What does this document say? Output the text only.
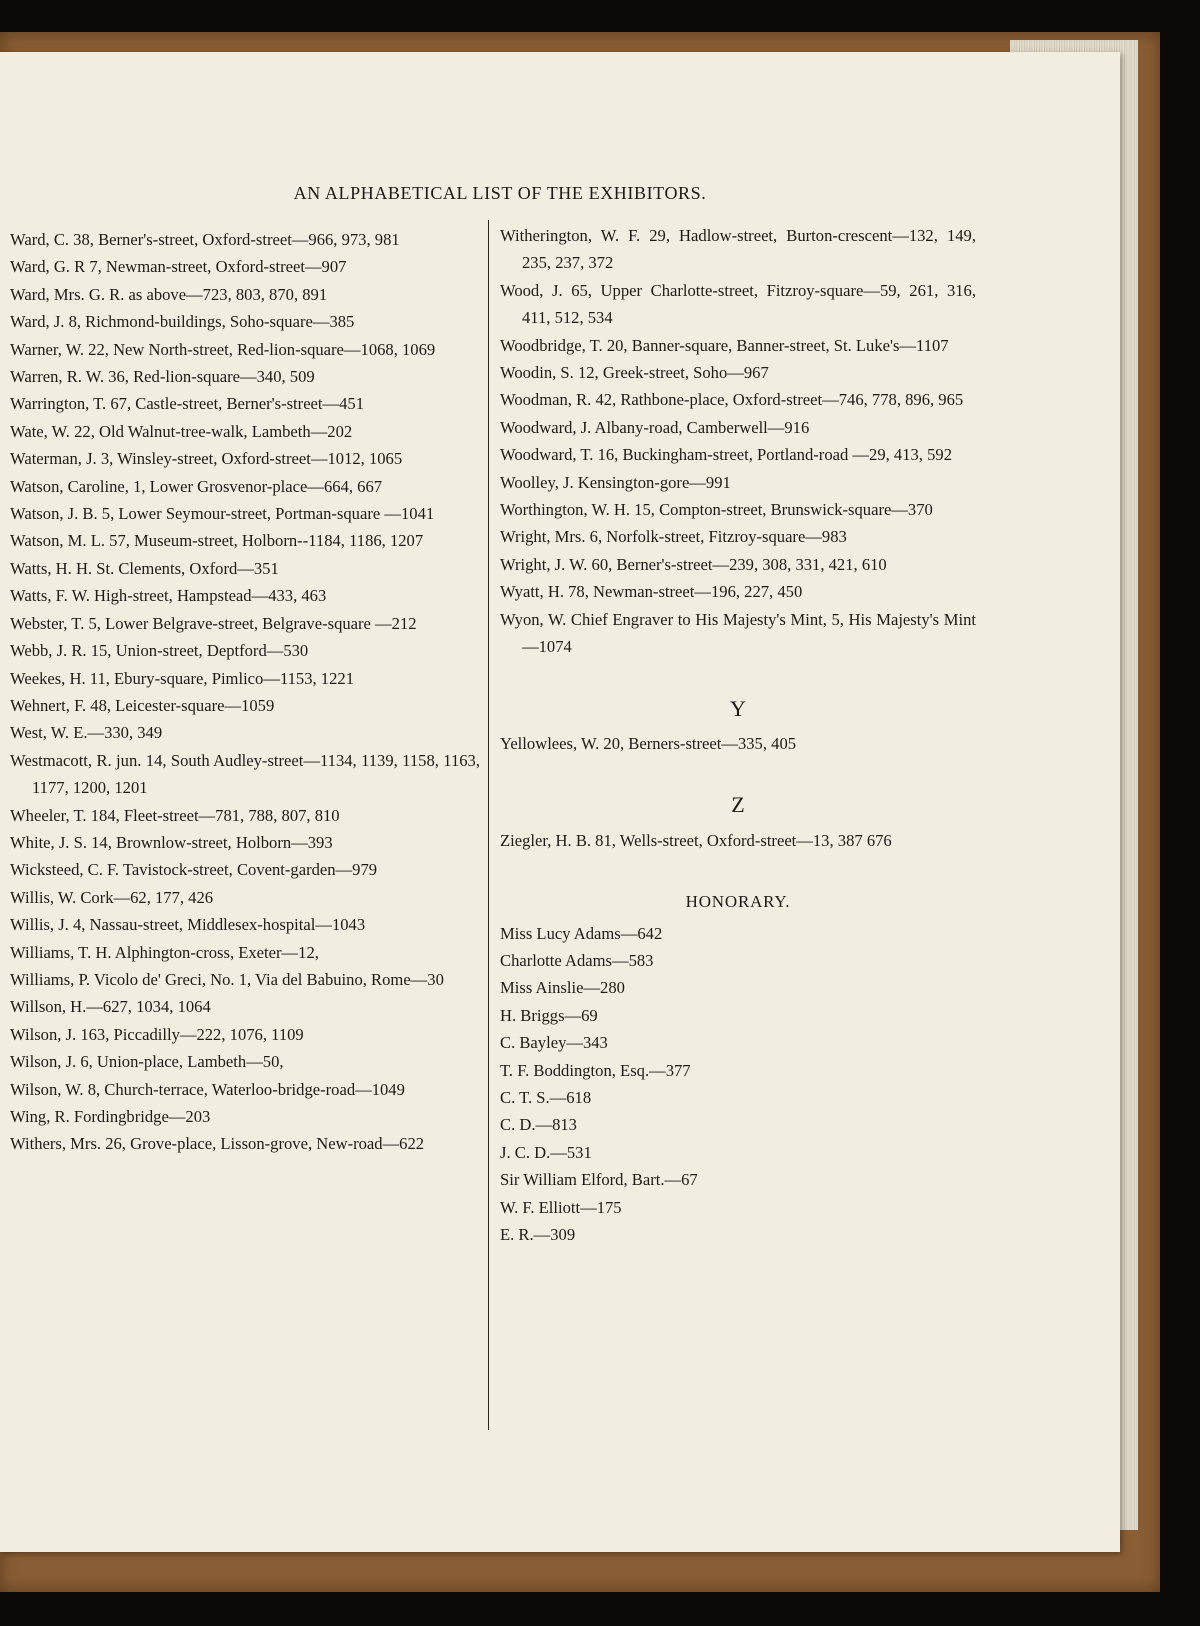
AN ALPHABETICAL LIST OF THE EXHIBITORS.
Ward, C. 38, Berner's-street, Oxford-street—966, 973, 981
Ward, G. R 7, Newman-street, Oxford-street—907
Ward, Mrs. G. R. as above—723, 803, 870, 891
Ward, J. 8, Richmond-buildings, Soho-square—385
Warner, W. 22, New North-street, Red-lion-square—1068, 1069
Warren, R. W. 36, Red-lion-square—340, 509
Warrington, T. 67, Castle-street, Berner's-street—451
Wate, W. 22, Old Walnut-tree-walk, Lambeth—202
Waterman, J. 3, Winsley-street, Oxford-street—1012, 1065
Watson, Caroline, 1, Lower Grosvenor-place—664, 667
Watson, J. B. 5, Lower Seymour-street, Portman-square —1041
Watson, M. L. 57, Museum-street, Holborn--1184, 1186, 1207
Watts, H. H. St. Clements, Oxford—351
Watts, F. W. High-street, Hampstead—433, 463
Webster, T. 5, Lower Belgrave-street, Belgrave-square —212
Webb, J. R. 15, Union-street, Deptford—530
Weekes, H. 11, Ebury-square, Pimlico—1153, 1221
Wehnert, F. 48, Leicester-square—1059
West, W. E.—330, 349
Westmacott, R. jun. 14, South Audley-street—1134, 1139, 1158, 1163, 1177, 1200, 1201
Wheeler, T. 184, Fleet-street—781, 788, 807, 810
White, J. S. 14, Brownlow-street, Holborn—393
Wicksteed, C. F. Tavistock-street, Covent-garden—979
Willis, W. Cork—62, 177, 426
Willis, J. 4, Nassau-street, Middlesex-hospital—1043
Williams, T. H. Alphington-cross, Exeter—12,
Williams, P. Vicolo de' Greci, No. 1, Via del Babuino, Rome—30
Willson, H.—627, 1034, 1064
Wilson, J. 163, Piccadilly—222, 1076, 1109
Wilson, J. 6, Union-place, Lambeth—50,
Wilson, W. 8, Church-terrace, Waterloo-bridge-road—1049
Wing, R. Fordingbridge—203
Withers, Mrs. 26, Grove-place, Lisson-grove, New-road—622
Witherington, W. F. 29, Hadlow-street, Burton-crescent—132, 149, 235, 237, 372
Wood, J. 65, Upper Charlotte-street, Fitzroy-square—59, 261, 316, 411, 512, 534
Woodbridge, T. 20, Banner-square, Banner-street, St. Luke's—1107
Woodin, S. 12, Greek-street, Soho—967
Woodman, R. 42, Rathbone-place, Oxford-street—746, 778, 896, 965
Woodward, J. Albany-road, Camberwell—916
Woodward, T. 16, Buckingham-street, Portland-road —29, 413, 592
Woolley, J. Kensington-gore—991
Worthington, W. H. 15, Compton-street, Brunswick-square—370
Wright, Mrs. 6, Norfolk-street, Fitzroy-square—983
Wright, J. W. 60, Berner's-street—239, 308, 331, 421, 610
Wyatt, H. 78, Newman-street—196, 227, 450
Wyon, W. Chief Engraver to His Majesty's Mint, 5, His Majesty's Mint—1074
Y
Yellowlees, W. 20, Berners-street—335, 405
Z
Ziegler, H. B. 81, Wells-street, Oxford-street—13, 387 676
HONORARY.
Miss Lucy Adams—642
Charlotte Adams—583
Miss Ainslie—280
H. Briggs—69
C. Bayley—343
T. F. Boddington, Esq.—377
C. T. S.—618
C. D.—813
J. C. D.—531
Sir William Elford, Bart.—67
W. F. Elliott—175
E. R.—309
